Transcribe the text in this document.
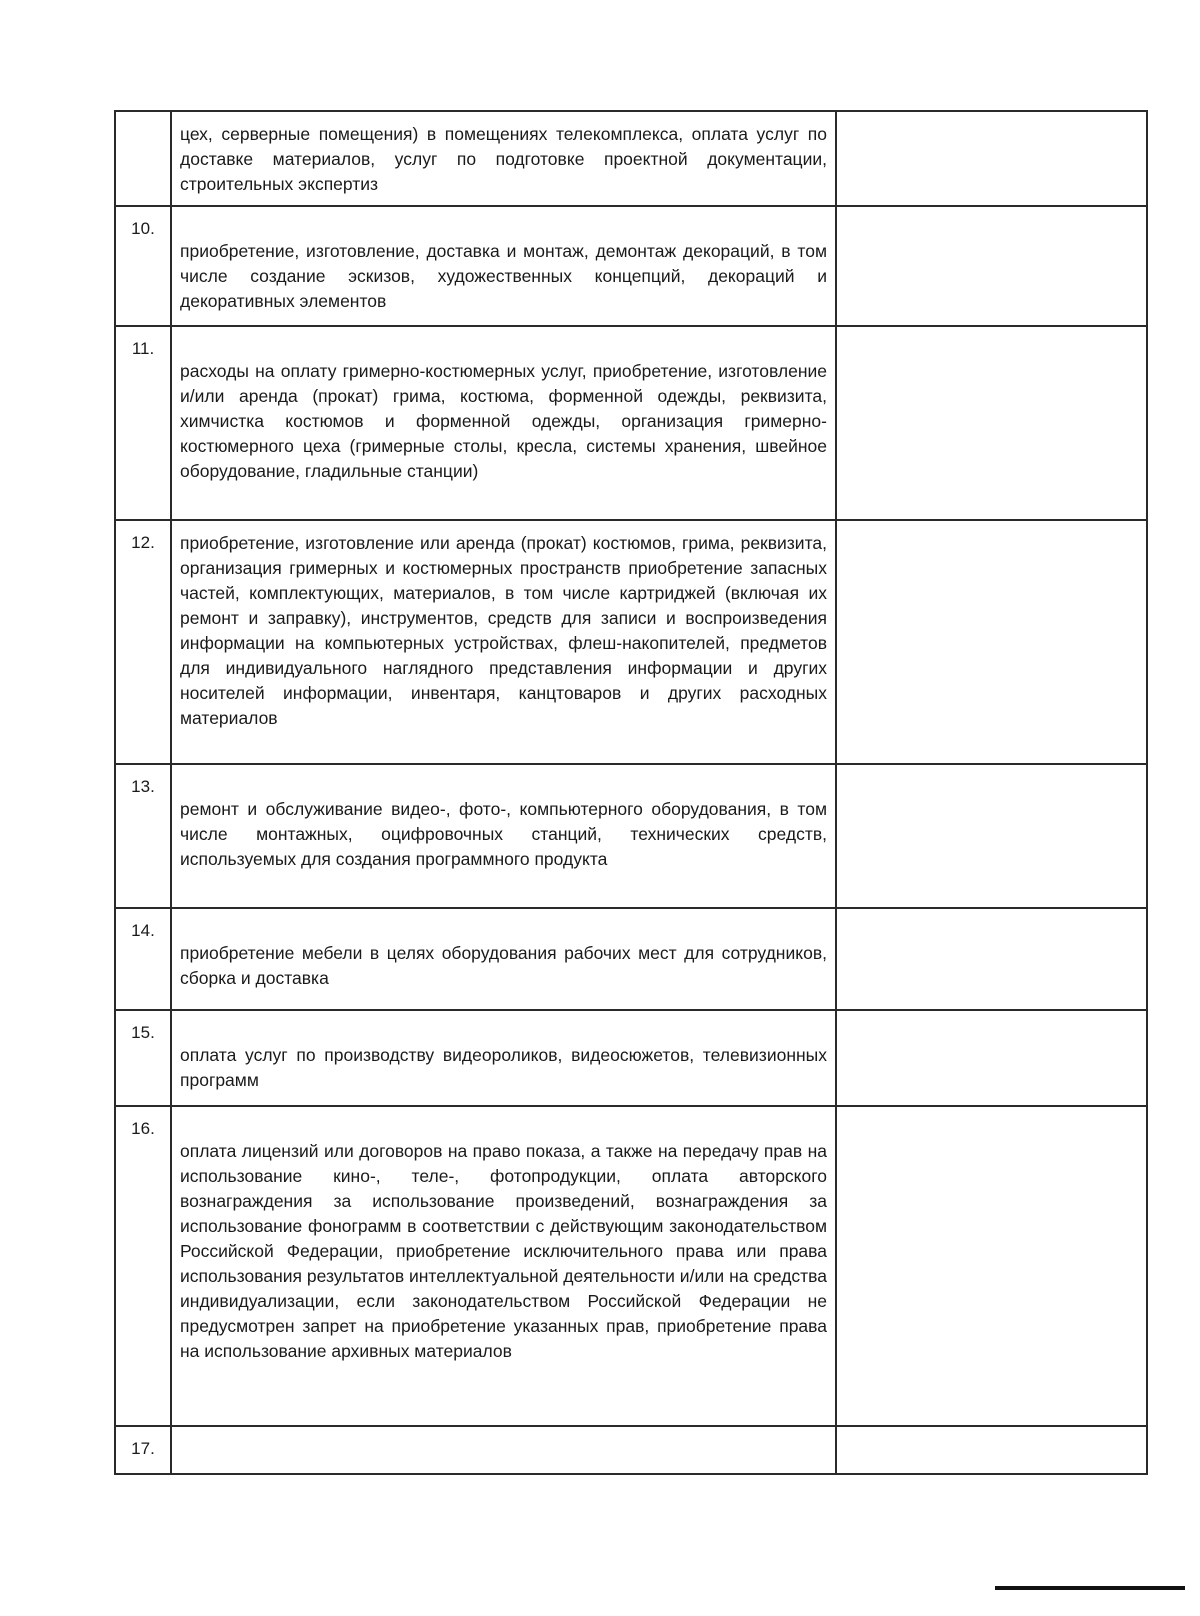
	цех, серверные помещения) в помещениях телекомплекса, оплата услуг по доставке материалов, услуг по подготовке проектной документации, строительных экспертиз	

10.	приобретение, изготовление, доставка и монтаж, демонтаж декораций, в том числе создание эскизов, художественных концепций, декораций и декоративных элементов	

11.	расходы на оплату гримерно-костюмерных услуг, приобретение, изготовление и/или аренда (прокат) грима, костюма, форменной одежды, реквизита, химчистка костюмов и форменной одежды, организация гримерно-костюмерного цеха (гримерные столы, кресла, системы хранения, швейное оборудование, гладильные станции)	

12.	приобретение, изготовление или аренда (прокат) костюмов, грима, реквизита, организация гримерных и костюмерных пространств приобретение запасных частей, комплектующих, материалов, в том числе картриджей (включая их ремонт и заправку), инструментов, средств для записи и воспроизведения информации на компьютерных устройствах, флеш-накопителей, предметов для индивидуального наглядного представления информации и других носителей информации, инвентаря, канцтоваров и других расходных материалов	

13.	ремонт и обслуживание видео-, фото-, компьютерного оборудования, в том числе монтажных, оцифровочных станций, технических средств, используемых для создания программного продукта	

14.	приобретение мебели в целях оборудования рабочих мест для сотрудников, сборка и доставка	

15.	оплата услуг по производству видеороликов, видеосюжетов, телевизионных программ	

16.	оплата лицензий или договоров на право показа, а также на передачу прав на использование кино-, теле-, фотопродукции, оплата авторского вознаграждения за использование произведений, вознаграждения за использование фонограмм в соответствии с действующим законодательством Российской Федерации, приобретение исключительного права или права использования результатов интеллектуальной деятельности и/или на средства индивидуализации, если законодательством Российской Федерации не предусмотрен запрет на приобретение указанных прав, приобретение права на использование архивных материалов	

17.	
